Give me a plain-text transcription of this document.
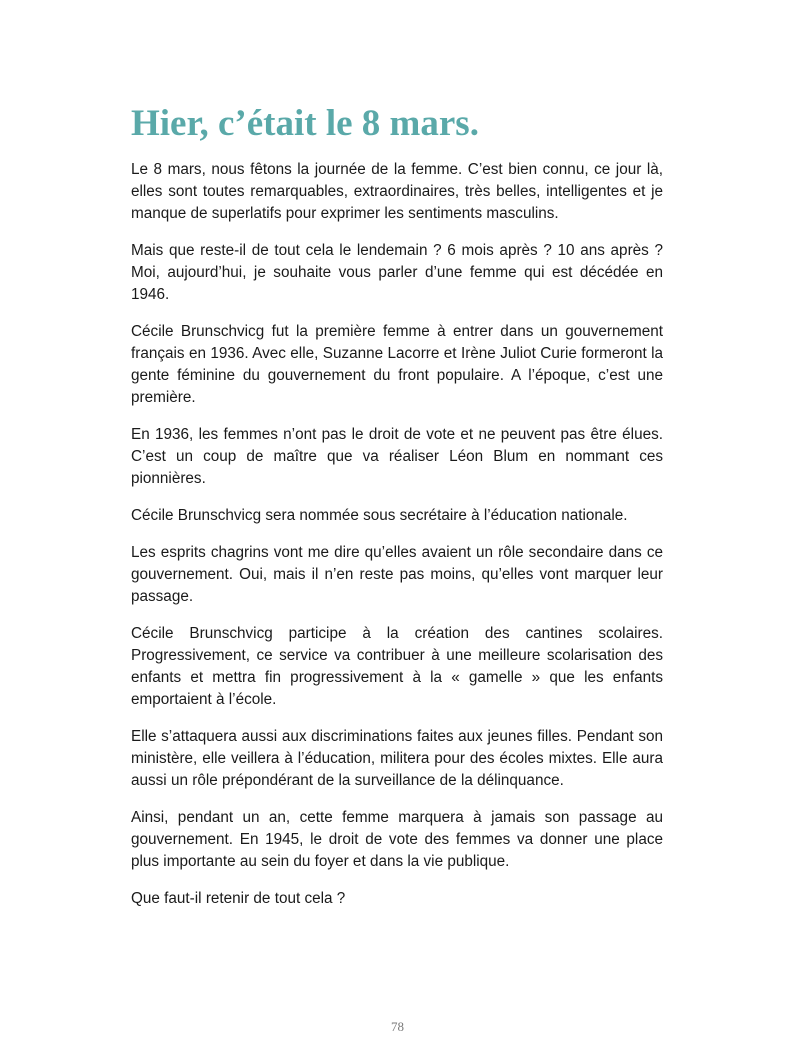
Hier, c’était le 8 mars.

Le 8 mars, nous fêtons la journée de la femme. C’est bien connu, ce jour là, elles sont toutes remarquables, extraordinaires, très belles, intelligentes et je manque de superlatifs pour exprimer les sentiments masculins.

Mais que reste-il de tout cela le lendemain ? 6 mois après ? 10 ans après ? Moi, aujourd’hui, je souhaite vous parler d’une femme qui est décédée en 1946.

Cécile Brunschvicg fut la première femme à entrer dans un gouvernement français en 1936. Avec elle, Suzanne Lacorre et Irène Juliot Curie formeront la gente féminine du gouvernement du front populaire. A l’époque, c’est une première.

En 1936, les femmes n’ont pas le droit de vote et ne peuvent pas être élues. C’est un coup de maître que va réaliser Léon Blum en nommant ces pionnières.

Cécile Brunschvicg sera nommée sous secrétaire à l’éducation nationale.

Les esprits chagrins vont me dire qu’elles avaient un rôle secondaire dans ce gouvernement. Oui, mais il n’en reste pas moins, qu’elles vont marquer leur passage.

Cécile Brunschvicg participe à la création des cantines scolaires. Progressivement, ce service va contribuer à une meilleure scolarisation des enfants et mettra fin progressivement à la « gamelle » que les enfants emportaient à l’école.

Elle s’attaquera aussi aux discriminations faites aux jeunes filles. Pendant son ministère, elle veillera à l’éducation, militera pour des écoles mixtes. Elle aura aussi un rôle prépondérant de la surveillance de la délinquance.

Ainsi, pendant un an, cette femme marquera à jamais son passage au gouvernement. En 1945, le droit de vote des femmes va donner une place plus importante au sein du foyer et dans la vie publique.

Que faut-il retenir de tout cela ?

78
